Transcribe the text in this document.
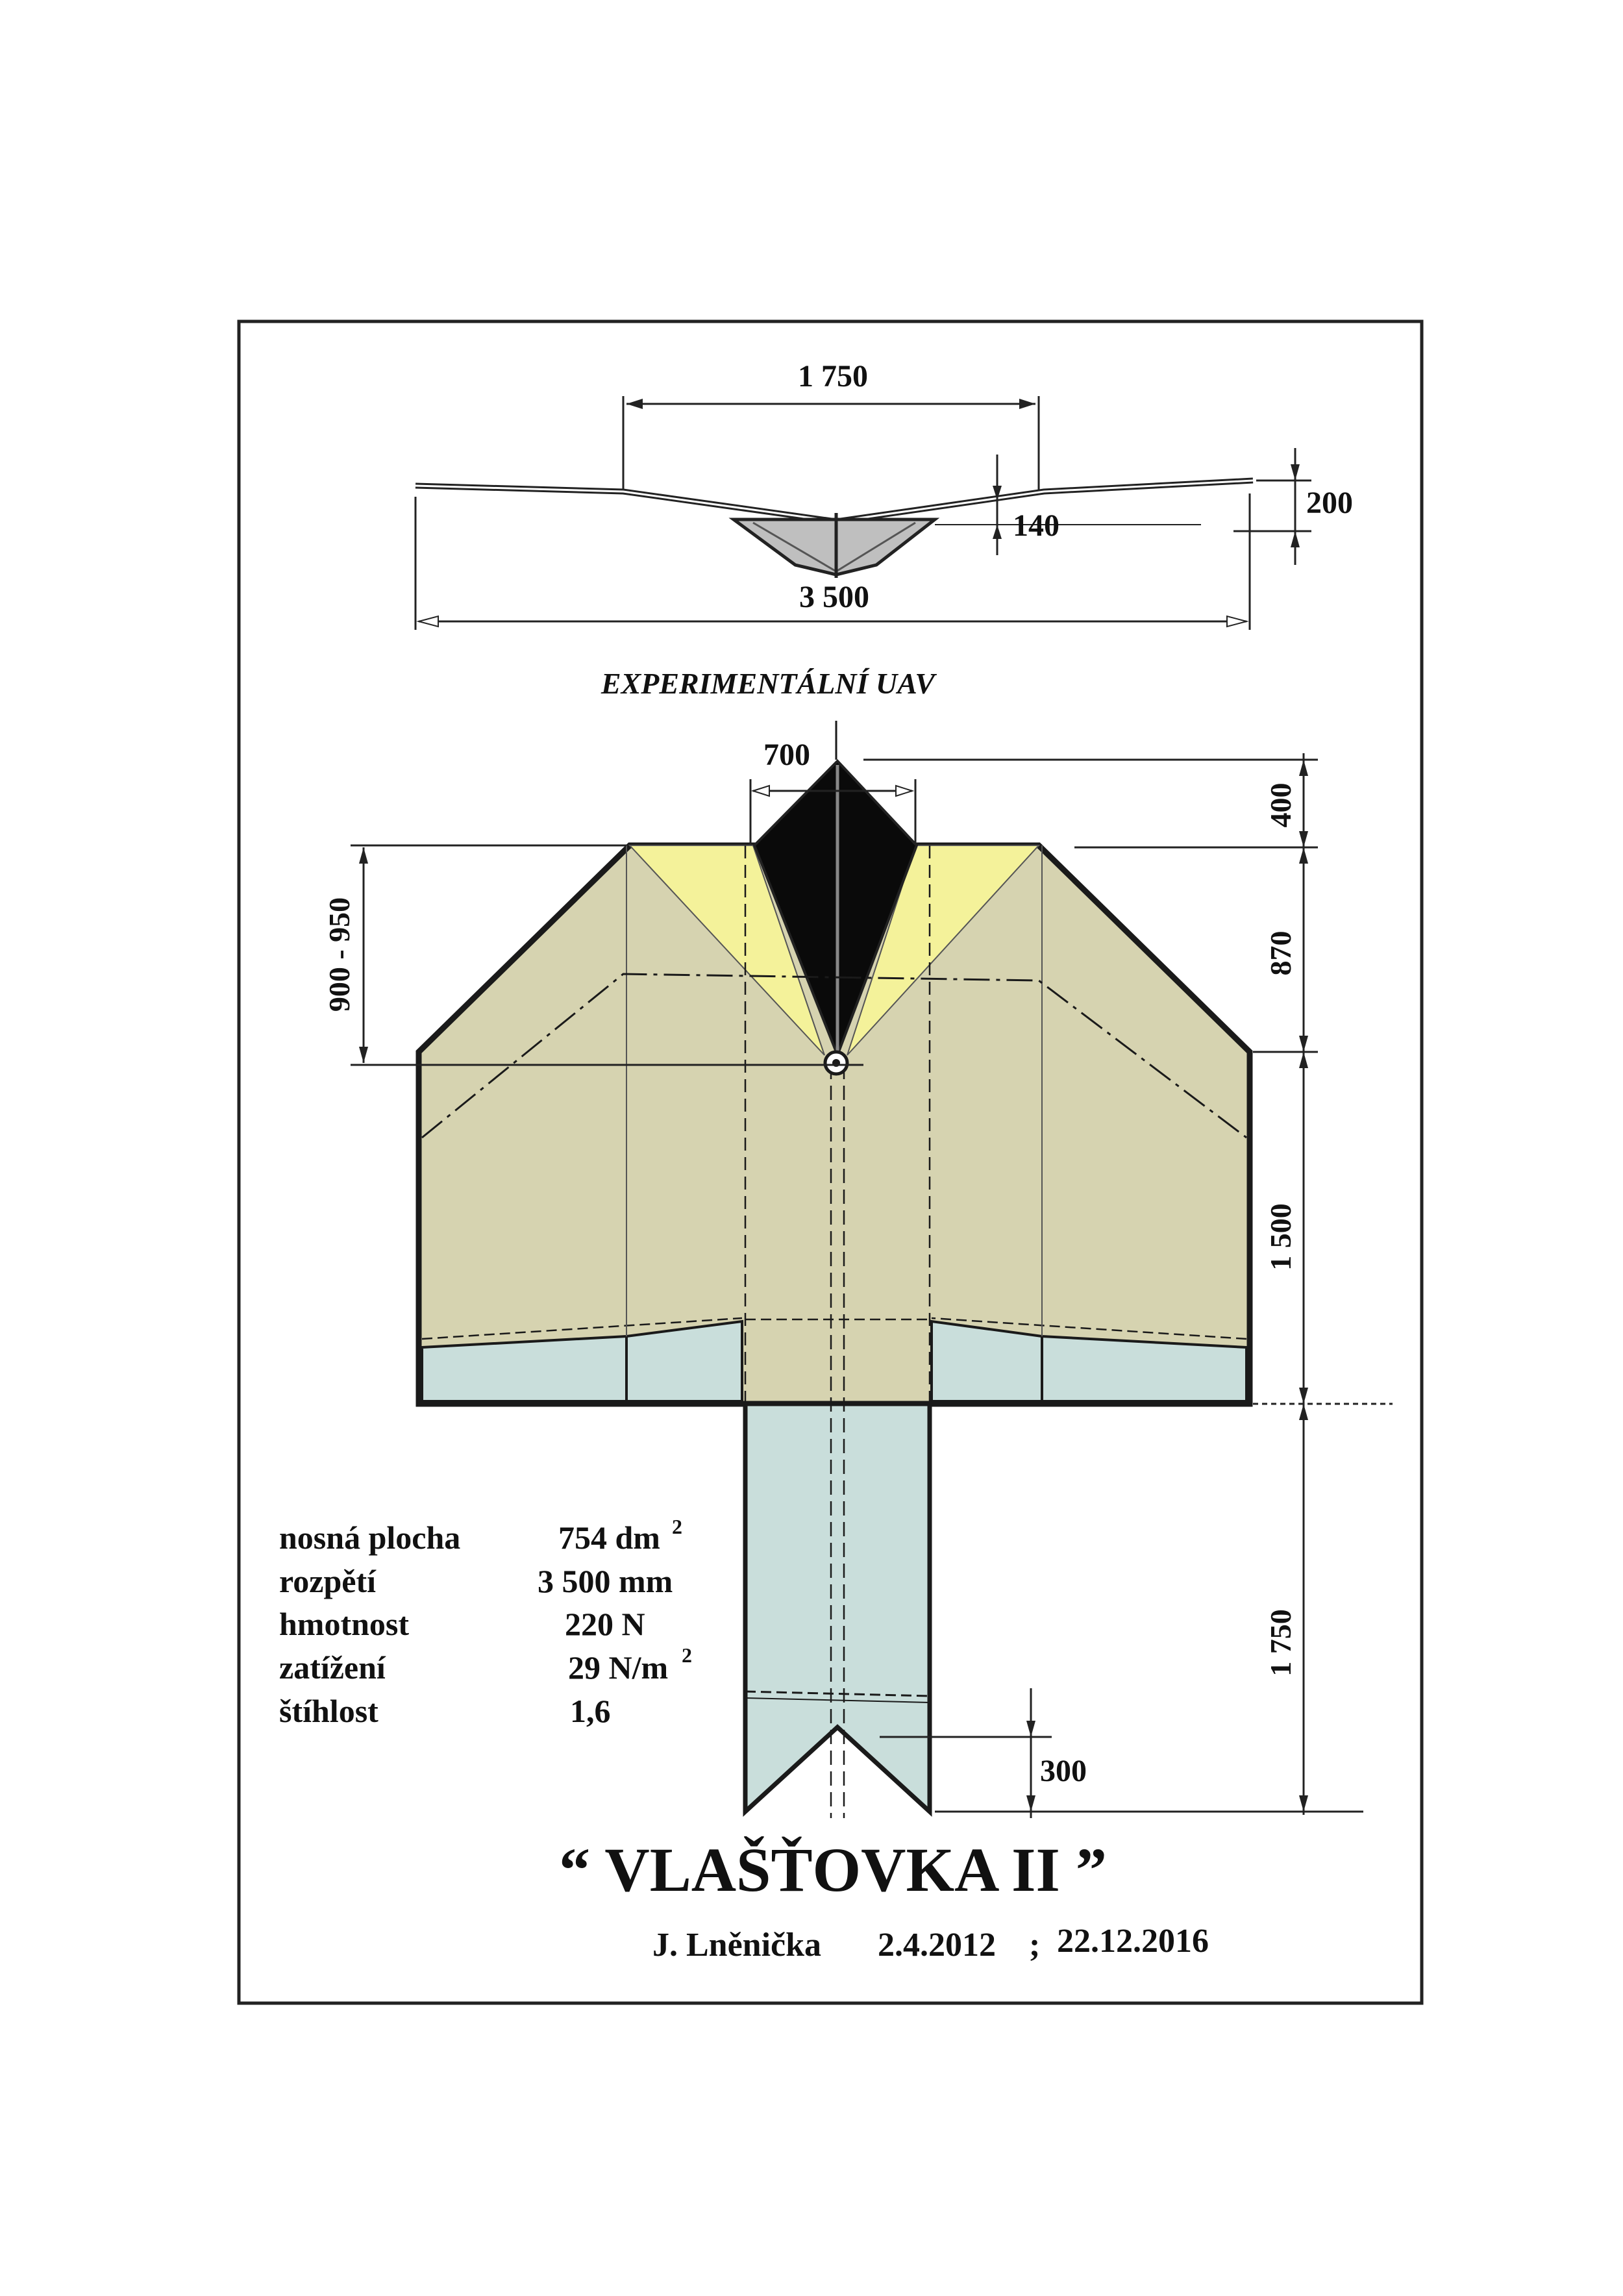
1 750
3 500
200
140
EXPERIMENTÁLNÍ UAV
700
400
870
1 500
1 750
900 - 950
300
nosná plocha	754 dm 2
rozpětí	3 500 mm
hmotnost	220 N
zatížení	29 N/m 2
štíhlost	1,6
“ VLAŠŤOVKA II ”
J. Lněnička 2.4.2012 ; 22.12.2016
